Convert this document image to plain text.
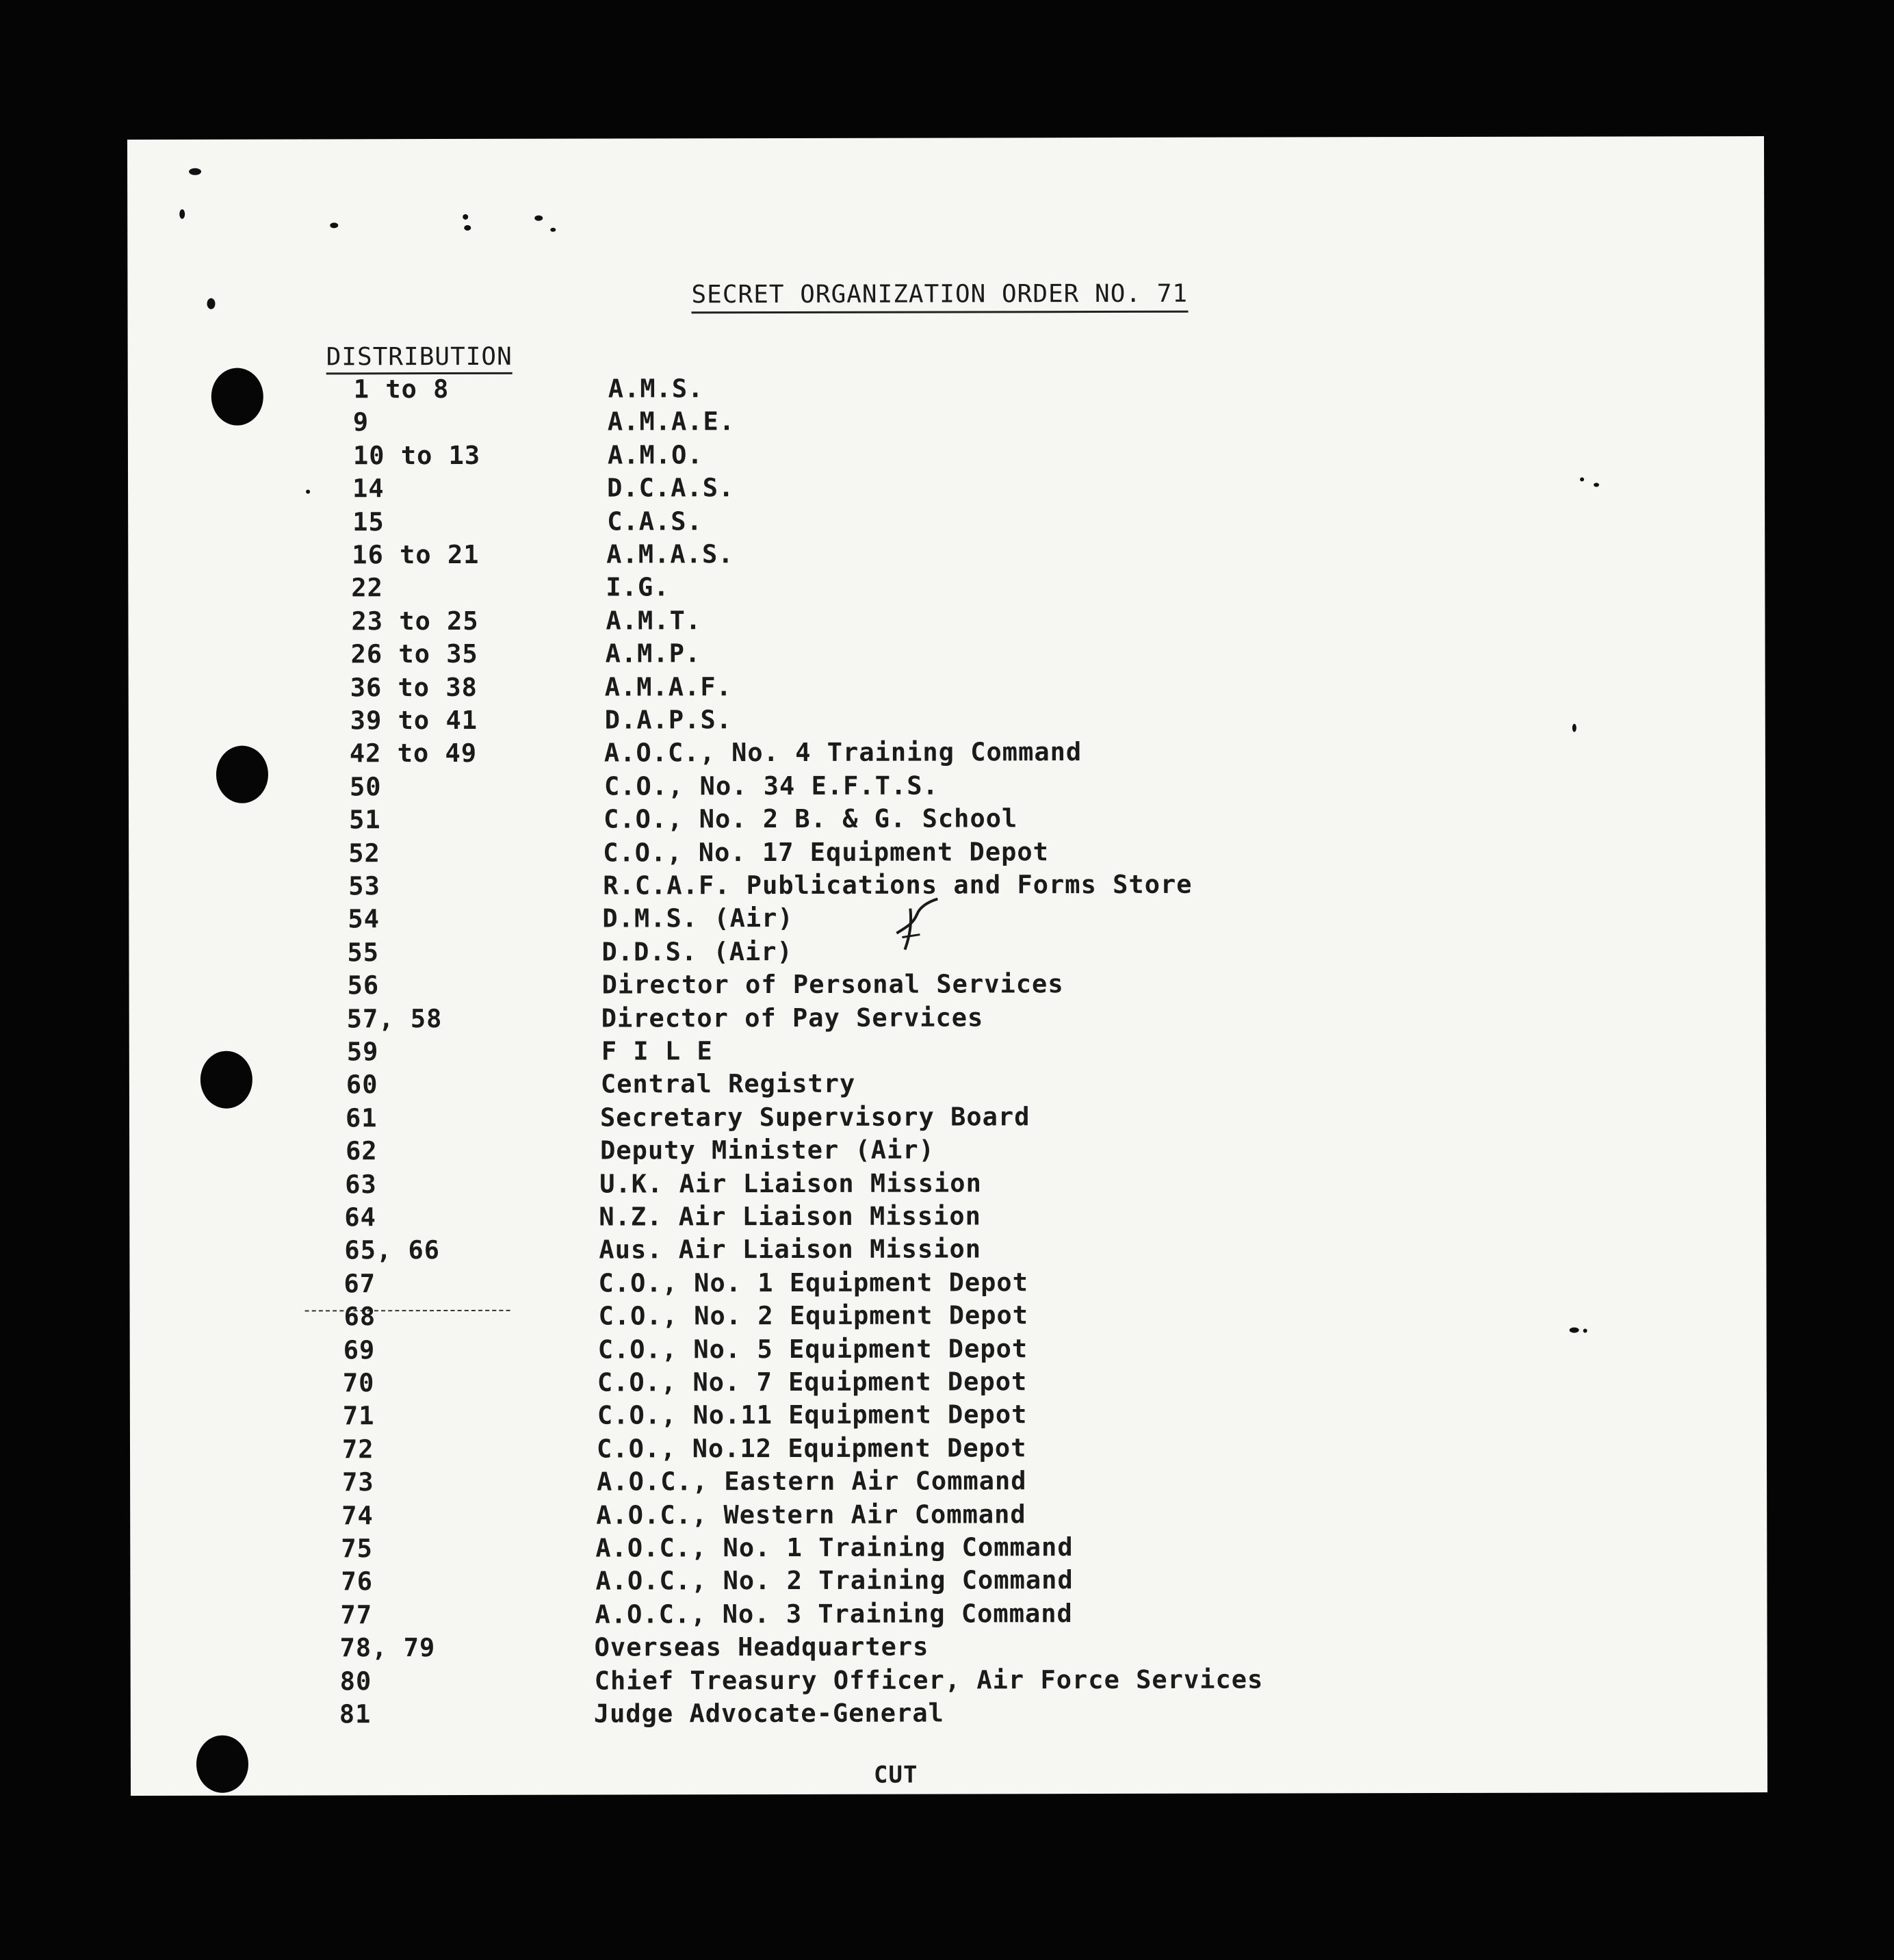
SECRET ORGANIZATION ORDER NO. 71
DISTRIBUTION
1 to 8	A.M.S.
9	A.M.A.E.
10 to 13	A.M.O.
14	D.C.A.S.
15	C.A.S.
16 to 21	A.M.A.S.
22	I.G.
23 to 25	A.M.T.
26 to 35	A.M.P.
36 to 38	A.M.A.F.
39 to 41	D.A.P.S.
42 to 49	A.O.C., No. 4 Training Command
50	C.O., No. 34 E.F.T.S.
51	C.O., No. 2 B. & G. School
52	C.O., No. 17 Equipment Depot
53	R.C.A.F. Publications and Forms Store
54	D.M.S. (Air)
55	D.D.S. (Air)
56	Director of Personal Services
57, 58	Director of Pay Services
59	F I L E
60	Central Registry
61	Secretary Supervisory Board
62	Deputy Minister (Air)
63	U.K. Air Liaison Mission
64	N.Z. Air Liaison Mission
65, 66	Aus. Air Liaison Mission
67	C.O., No. 1 Equipment Depot
68	C.O., No. 2 Equipment Depot
69	C.O., No. 5 Equipment Depot
70	C.O., No. 7 Equipment Depot
71	C.O., No.11 Equipment Depot
72	C.O., No.12 Equipment Depot
73	A.O.C., Eastern Air Command
74	A.O.C., Western Air Command
75	A.O.C., No. 1 Training Command
76	A.O.C., No. 2 Training Command
77	A.O.C., No. 3 Training Command
78, 79	Overseas Headquarters
80	Chief Treasury Officer, Air Force Services
81	Judge Advocate-General
CUT
